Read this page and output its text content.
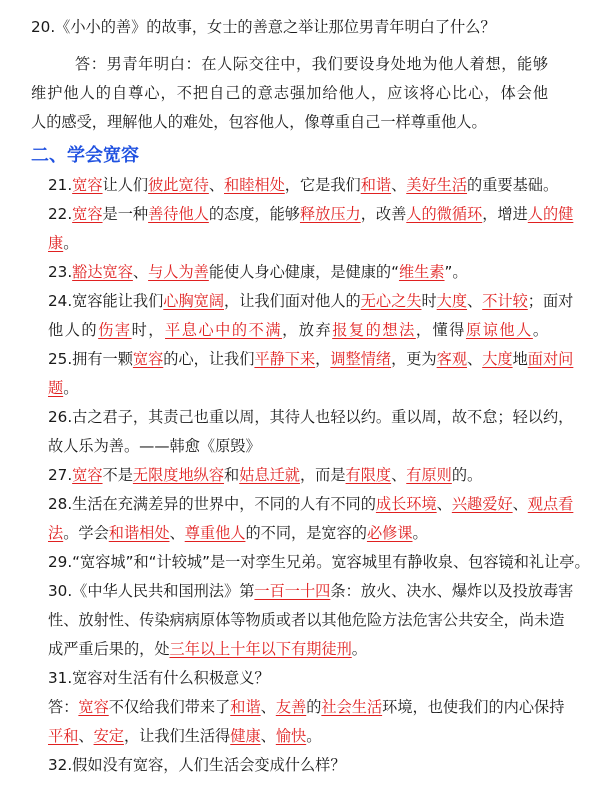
二、学会宽容
20.《小小的善》的故事，女士的善意之举让那位男青年明白了什么？
答：男青年明白：在人际交往中，我们要设身处地为他人着想，能够
维护他人的自尊心，不把自己的意志强加给他人，应该将心比心，体会他
人的感受，理解他人的难处，包容他人，像尊重自己一样尊重他人。
21.宽容让人们彼此宽待、和睦相处，它是我们和谐、美好生活的重要基础。
22.宽容是一种善待他人的态度，能够释放压力，改善人的微循环，增进人的健
康。
23.豁达宽容、与人为善能使人身心健康，是健康的“维生素”。
24.宽容能让我们心胸宽阔，让我们面对他人的无心之失时大度、不计较；面对
他人的伤害时，平息心中的不满，放弃报复的想法，懂得原谅他人。
25.拥有一颗宽容的心，让我们平静下来，调整情绪，更为客观、大度地面对问
题。
26.古之君子，其责己也重以周，其待人也轻以约。重以周，故不怠；轻以约，
故人乐为善。——韩愈《原毁》
27.宽容不是无限度地纵容和姑息迁就，而是有限度、有原则的。
28.生活在充满差异的世界中，不同的人有不同的成长环境、兴趣爱好、观点看
法。学会和谐相处、尊重他人的不同，是宽容的必修课。
29.“宽容城”和“计较城”是一对孪生兄弟。宽容城里有静收泉、包容镜和礼让亭。
30.《中华人民共和国刑法》第一百一十四条：放火、决水、爆炸以及投放毒害
性、放射性、传染病病原体等物质或者以其他危险方法危害公共安全，尚未造
成严重后果的，处三年以上十年以下有期徒刑。
31.宽容对生活有什么积极意义？
答：宽容不仅给我们带来了和谐、友善的社会生活环境，也使我们的内心保持
平和、安定，让我们生活得健康、愉快。
32.假如没有宽容，人们生活会变成什么样？
